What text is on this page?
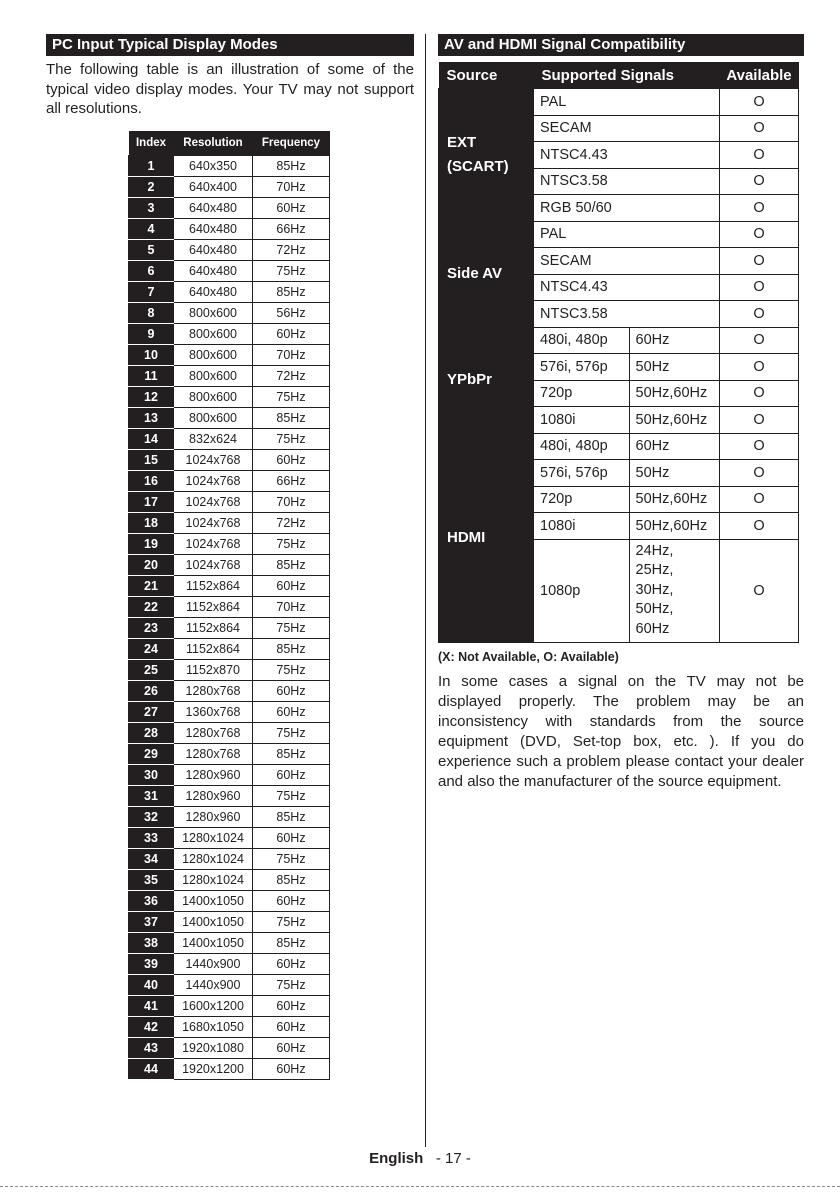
PC Input Typical Display Modes
The following table is an illustration of some of the typical video display modes. Your TV may not support all resolutions.
Index	Resolution	Frequency
1	640x350	85Hz
2	640x400	70Hz
3	640x480	60Hz
4	640x480	66Hz
5	640x480	72Hz
6	640x480	75Hz
7	640x480	85Hz
8	800x600	56Hz
9	800x600	60Hz
10	800x600	70Hz
11	800x600	72Hz
12	800x600	75Hz
13	800x600	85Hz
14	832x624	75Hz
15	1024x768	60Hz
16	1024x768	66Hz
17	1024x768	70Hz
18	1024x768	72Hz
19	1024x768	75Hz
20	1024x768	85Hz
21	1152x864	60Hz
22	1152x864	70Hz
23	1152x864	75Hz
24	1152x864	85Hz
25	1152x870	75Hz
26	1280x768	60Hz
27	1360x768	60Hz
28	1280x768	75Hz
29	1280x768	85Hz
30	1280x960	60Hz
31	1280x960	75Hz
32	1280x960	85Hz
33	1280x1024	60Hz
34	1280x1024	75Hz
35	1280x1024	85Hz
36	1400x1050	60Hz
37	1400x1050	75Hz
38	1400x1050	85Hz
39	1440x900	60Hz
40	1440x900	75Hz
41	1600x1200	60Hz
42	1680x1050	60Hz
43	1920x1080	60Hz
44	1920x1200	60Hz
AV and HDMI Signal Compatibility
Source	Supported Signals		Available

EXT
(SCART)	PAL		O
	SECAM		O
	NTSC4.43		O
	NTSC3.58		O
	RGB 50/60		O

Side AV	PAL		O
	SECAM		O
	NTSC4.43		O
	NTSC3.58		O

YPbPr	480i, 480p	60Hz	O
	576i, 576p	50Hz	O
	720p	50Hz,60Hz	O
	1080i	50Hz,60Hz	O

HDMI	480i, 480p	60Hz	O
	576i, 576p	50Hz	O
	720p	50Hz,60Hz	O
	1080i	50Hz,60Hz	O
	1080p	24Hz,
25Hz,
30Hz,
50Hz,
60Hz	O
(X: Not Available, O: Available)
In some cases a signal on the TV may not be displayed properly. The problem may be an inconsistency with standards from the source equipment (DVD, Set-top box, etc. ). If you do experience such a problem please contact your dealer and also the manufacturer of the source equipment.
English - 17 -
